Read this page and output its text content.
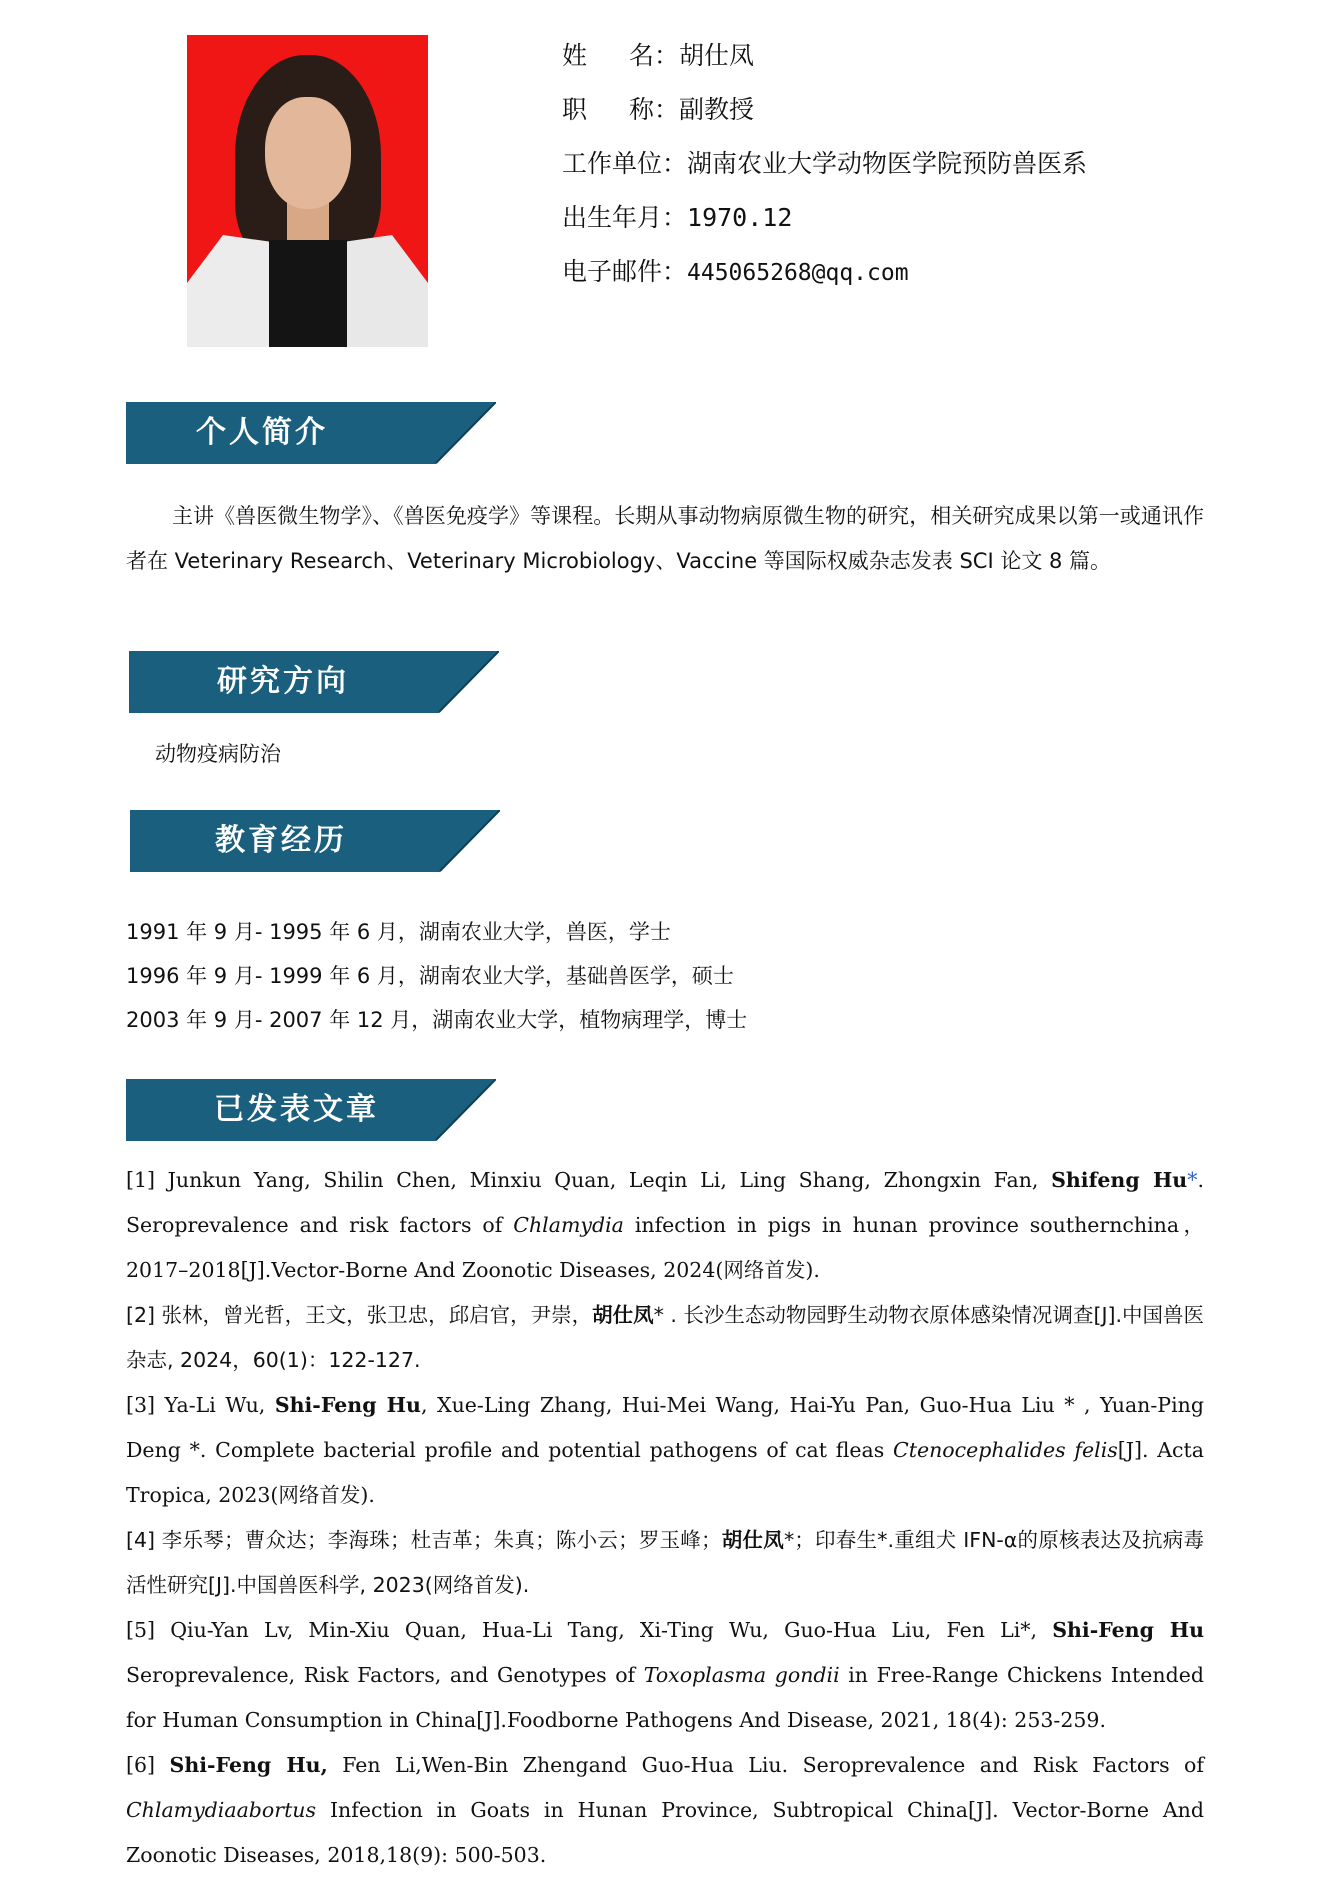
姓 名：胡仕凤
职 称：副教授
工作单位：湖南农业大学动物医学院预防兽医系
出生年月：1970.12
电子邮件：445065268@qq.com
个人简介
主讲《兽医微生物学》、《兽医免疫学》等课程。长期从事动物病原微生物的研究，相关研究成果以第一或通讯作者在 Veterinary Research、Veterinary Microbiology、Vaccine 等国际权威杂志发表 SCI 论文 8 篇。
研究方向
动物疫病防治
教育经历
1991 年 9 月- 1995 年 6 月，湖南农业大学，兽医，学士
1996 年 9 月- 1999 年 6 月，湖南农业大学，基础兽医学，硕士
2003 年 9 月- 2007 年 12 月，湖南农业大学，植物病理学，博士
已发表文章
[1] Junkun Yang, Shilin Chen, Minxiu Quan, Leqin Li, Ling Shang, Zhongxin Fan, Shifeng Hu*. Seroprevalence and risk factors of Chlamydia infection in pigs in hunan province southernchina，2017–2018[J].Vector-Borne And Zoonotic Diseases, 2024(网络首发).
[2] 张林，曾光哲，王文，张卫忠，邱启官，尹崇，胡仕凤* . 长沙生态动物园野生动物衣原体感染情况调查[J].中国兽医杂志, 2024，60(1)：122-127.
[3] Ya-Li Wu, Shi-Feng Hu, Xue-Ling Zhang, Hui-Mei Wang, Hai-Yu Pan, Guo-Hua Liu * , Yuan-Ping Deng *. Complete bacterial profile and potential pathogens of cat fleas Ctenocephalides felis[J]. Acta Tropica, 2023(网络首发).
[4] 李乐琴；曹众达；李海珠；杜吉革；朱真；陈小云；罗玉峰；胡仕凤*；印春生*.重组犬 IFN-α的原核表达及抗病毒活性研究[J].中国兽医科学, 2023(网络首发).
[5] Qiu-Yan Lv, Min-Xiu Quan, Hua-Li Tang, Xi-Ting Wu, Guo-Hua Liu, Fen Li*, Shi-Feng Hu Seroprevalence, Risk Factors, and Genotypes of Toxoplasma gondii in Free-Range Chickens Intended for Human Consumption in China[J].Foodborne Pathogens And Disease, 2021, 18(4): 253-259.
[6] Shi-Feng Hu, Fen Li,Wen-Bin Zhengand Guo-Hua Liu. Seroprevalence and Risk Factors of Chlamydiaabortus Infection in Goats in Hunan Province, Subtropical China[J]. Vector-Borne And Zoonotic Diseases, 2018,18(9): 500-503.
